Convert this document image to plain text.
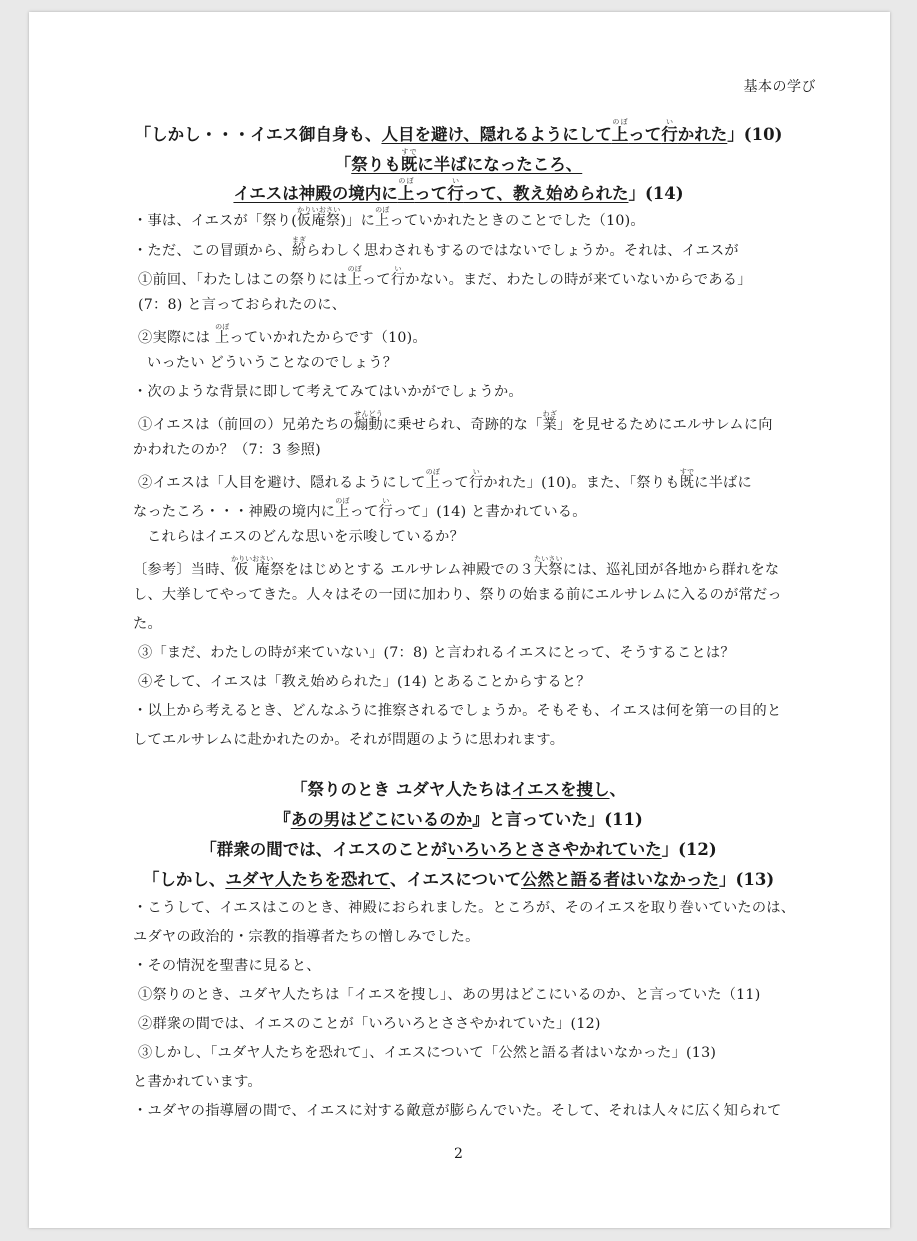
基本の学び
「しかし・・・イエス御自身も、人目を避け、隠れるようにして上のぼって行いかれた」(10)
「祭りも既すでに半ばになったころ、
イエスは神殿の境内に上のぼって行いって、教え始められた」(14)
・事は、イエスが「祭り(仮庵祭かりいおさい)」に上のぼっていかれたときのことでした（10)。
・ただ、この冒頭から、紛まぎらわしく思わされもするのではないでしょうか。それは、イエスが
①前回、「わたしはこの祭りには上のぼって行いかない。まだ、わたしの時が来ていないからである」
(7：8) と言っておられたのに、
②実際には 上のぼっていかれたからです（10)。
いったい どういうことなのでしょう？
・次のような背景に即して考えてみてはいかがでしょうか。
①イエスは（前回の）兄弟たちの煽動せんどうに乗せられ、奇跡的な「業わざ」を見せるためにエルサレムに向
かわれたのか？（7：3 参照)
②イエスは「人目を避け、隠れるようにして上のぼって行いかれた」(10)。また、「祭りも既すでに半ばに
なったころ・・・神殿の境内に上のぼって行いって」(14) と書かれている。
これらはイエスのどんな思いを示唆しているか？
〔参考〕当時、仮庵かりいおさい祭をはじめとする エルサレム神殿での３大祭たいさいには、巡礼団が各地から群れをな
し、大挙してやってきた。人々はその一団に加わり、祭りの始まる前にエルサレムに入るのが常だっ
た。
③「まだ、わたしの時が来ていない」(7：8) と言われるイエスにとって、そうすることは？
④そして、イエスは「教え始められた」(14) とあることからすると？
・以上から考えるとき、どんなふうに推察されるでしょうか。そもそも、イエスは何を第一の目的と
してエルサレムに赴かれたのか。それが問題のように思われます。
「祭りのとき ユダヤ人たちはイエスを捜し、
『あの男はどこにいるのか』と言っていた」(11)
「群衆の間では、イエスのことがいろいろとささやかれていた」(12)
「しかし、ユダヤ人たちを恐れて、イエスについて公然と語る者はいなかった」(13)
・こうして、イエスはこのとき、神殿におられました。ところが、そのイエスを取り巻いていたのは、
ユダヤの政治的・宗教的指導者たちの憎しみでした。
・その情況を聖書に見ると、
①祭りのとき、ユダヤ人たちは「イエスを捜し」、あの男はどこにいるのか、と言っていた（11)
②群衆の間では、イエスのことが「いろいろとささやかれていた」(12)
③しかし、「ユダヤ人たちを恐れて」、イエスについて「公然と語る者はいなかった」(13)
と書かれています。
・ユダヤの指導層の間で、イエスに対する敵意が膨らんでいた。そして、それは人々に広く知られて
2
